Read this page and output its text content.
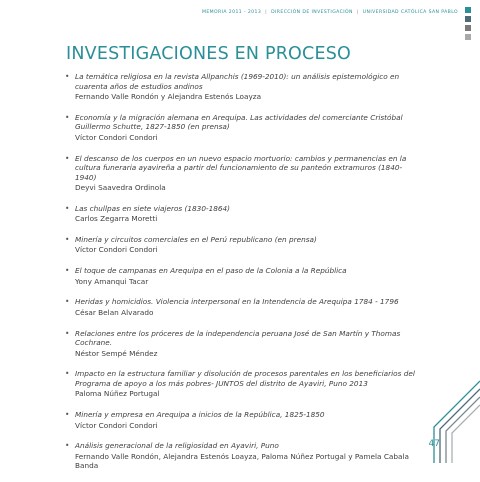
MEMORIA 2011 - 2013 | DIRECCIÓN DE INVESTIGACIÓN | UNIVERSIDAD CATÓLICA SAN PABLO
INVESTIGACIONES EN PROCESO
• La temática religiosa en la revista Allpanchis (1969-2010): un análisis epistemológico en cuarenta años de estudios andinos
Fernando Valle Rondón y Alejandra Estenós Loayza
• Economía y la migración alemana en Arequipa. Las actividades del comerciante Cristóbal Guillermo Schutte, 1827-1850 (en prensa)
Víctor Condori Condori
• El descanso de los cuerpos en un nuevo espacio mortuorio: cambios y permanencias en la cultura funeraria ayavireña a partir del funcionamiento de su panteón extramuros (1840-1940)
Deyvi Saavedra Ordinola
• Las chullpas en siete viajeros (1830-1864)
Carlos Zegarra Moretti
• Minería y circuitos comerciales en el Perú republicano (en prensa)
Víctor Condori Condori
• El toque de campanas en Arequipa en el paso de la Colonia a la República
Yony Amanqui Tacar
• Heridas y homicidios. Violencia interpersonal en la Intendencia de Arequipa 1784 - 1796
César Belan Alvarado
• Relaciones entre los próceres de la independencia peruana José de San Martín y Thomas Cochrane.
Néstor Sempé Méndez
• Impacto en la estructura familiar y disolución de procesos parentales en los beneficiarios del Programa de apoyo a los más pobres- JUNTOS del distrito de Ayaviri, Puno 2013
Paloma Núñez Portugal
• Minería y empresa en Arequipa a inicios de la República, 1825-1850
Víctor Condori Condori
• Análisis generacional de la religiosidad en Ayaviri, Puno
Fernando Valle Rondón, Alejandra Estenós Loayza, Paloma Núñez Portugal y Pamela Cabala Banda
47
